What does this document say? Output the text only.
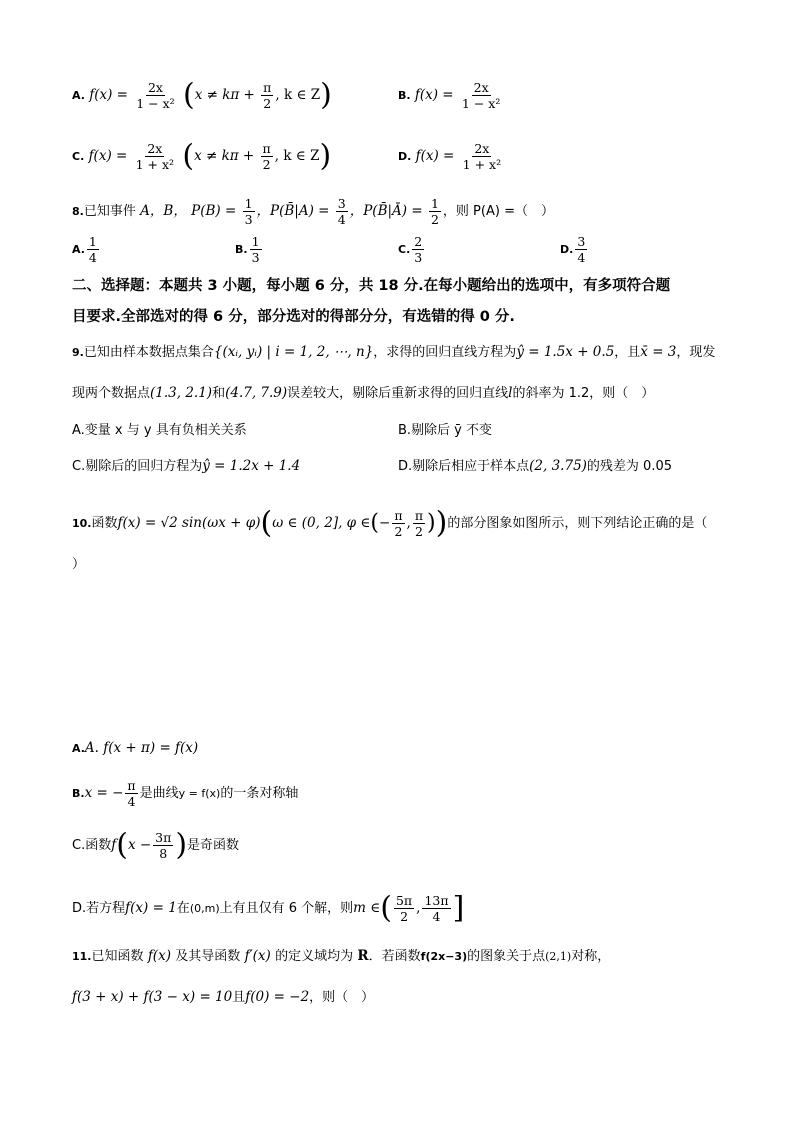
A. $f(x) = \frac{2x}{\text{1 − x²}} (x \ne k\pi + \frac{\pi}{2}$ , k ∈ Z)	B. $f(x) = \frac{2x}{\text{1 − x²}}$
C. $f(x) = \frac{2x}{\text{1 + x²}} (x \ne k\pi + \frac{\pi}{2}$ , k ∈ Z)	D. $f(x) = \frac{2x}{\text{1 + x²}}$
8.已知事件 A，B， $P(B) = \frac{1}{3}$ ，P(B̄|A) = $\frac{3}{4}$ ，P(B̄|Ā) = $\frac{1}{2}$ ，则 P(A) =（　）
A. $\frac{1}{4}$	B. $\frac{1}{3}$	C. $\frac{2}{3}$	D. $\frac{3}{4}$
二、选择题：本题共 3 小题，每小题 6 分，共 18 分.在每小题给出的选项中，有多项符合题
目要求.全部选对的得 6 分，部分选对的得部分分，有选错的得 0 分.
9.已知由样本数据点集合{(xᵢ, yᵢ) | i = 1, 2, ⋯, n}，求得的回归直线方程为ŷ = 1.5x + 0.5，且x̄ = 3，现发
现两个数据点(1.3, 2.1)和(4.7, 7.9)误差较大，剔除后重新求得的回归直线l的斜率为 1.2，则（　）
A.变量 x 与 y 具有负相关关系	B.剔除后 ȳ 不变
C.剔除后的回归方程为ŷ = 1.2x + 1.4	D.剔除后相应于样本点(2, 3.75)的残差为 0.05
10.函数f(x) = √2 sin(ωx + φ)(ω ∈ (0, 2], φ ∈(− $\frac{\pi}{2}$ , $\frac{\pi}{2}$ ))的部分图象如图所示，则下列结论正确的是（
）
A.A. f(x + π) = f(x)
B.x = − $\frac{\pi}{4}$ 是曲线y = f(x)的一条对称轴
C.函数$f(x - \frac{3\pi}{8}$ )是奇函数
D.若方程f(x) = 1在(0,m)上有且仅有 6 个解，则m ∈( $\frac{5\pi}{2}$ , $\frac{13\pi}{4}$ ]
11.已知函数 f(x) 及其导函数 f′(x) 的定义域均为 R．若函数f(2x−3)的图象关于点(2,1)对称，
f(3 + x) + f(3 − x) = 10且f(0) = −2，则（　）
